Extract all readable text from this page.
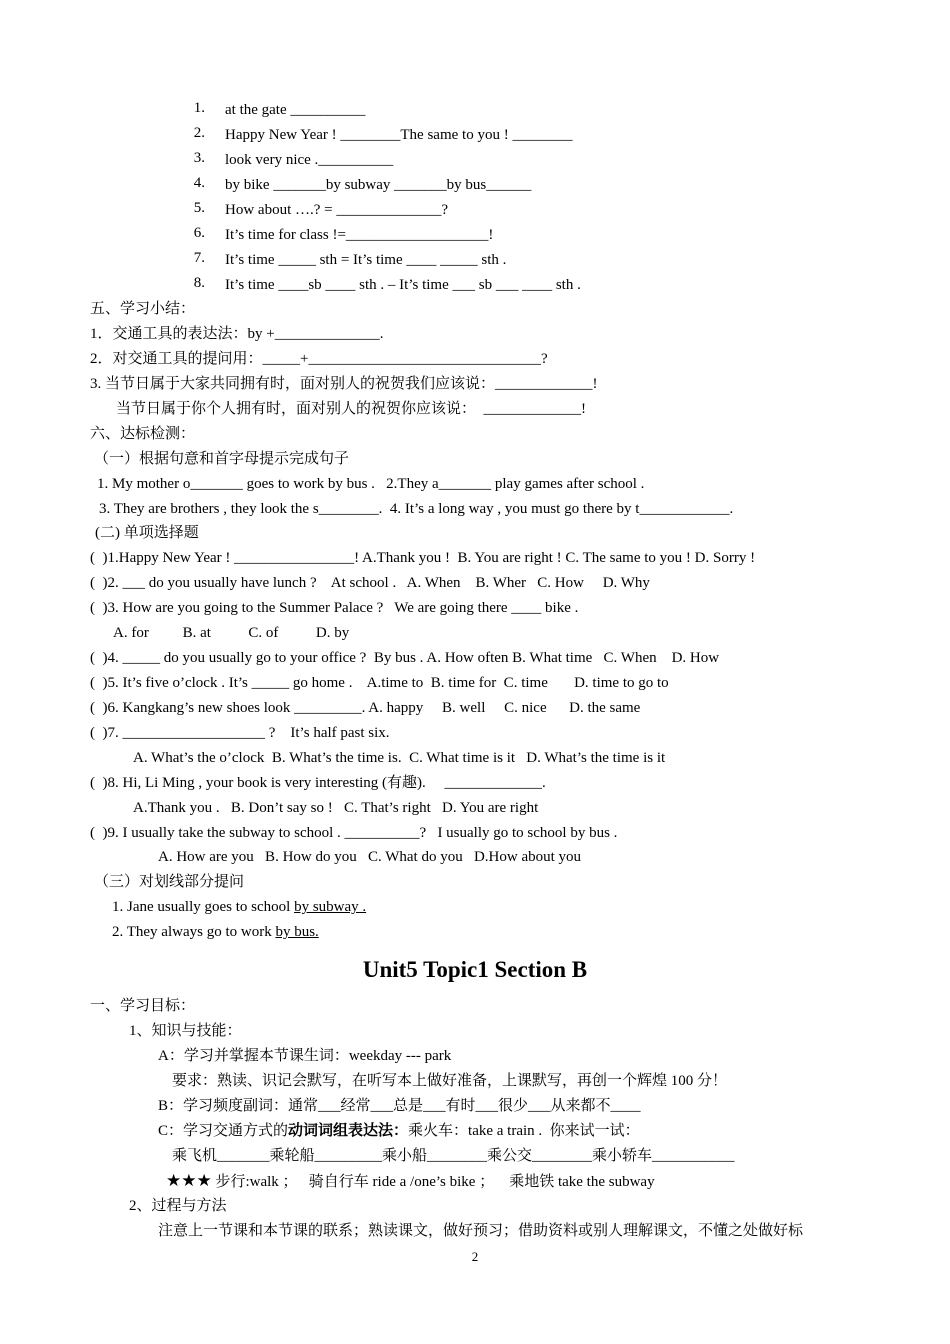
1. at the gate __________
2. Happy New Year ! ________The same to you ! ________
3. look very nice .__________
4. by bike _______by subway _______by bus______
5. How about ….? = ______________?
6. It’s time for class !=___________________!
7. It’s time _____ sth = It’s time ____ _____ sth .
8. It’s time ____sb ____ sth . – It’s time ___ sb ___ ____ sth .
五、学习小结：
1．交通工具的表达法：by +______________.
2．对交通工具的提问用：_____+_______________________________?
3. 当节日属于大家共同拥有时，面对别人的祝贺我们应该说：_____________!
当节日属于你个人拥有时，面对别人的祝贺你应该说：  _____________!
六、达标检测：
（一）根据句意和首字母提示完成句子
1. My mother o_______ goes to work by bus .   2.They a_______ play games after school .
3. They are brothers , they look the s________.  4. It’s a long way , you must go there by t____________.
(二) 单项选择题
(  )1.Happy New Year ! ________________! A.Thank you !  B. You are right ! C. The same to you ! D. Sorry !
(  )2. ___ do you usually have lunch ?    At school .   A. When    B. Wher   C. How     D. Why
(  )3. How are you going to the Summer Palace ?   We are going there ____ bike .
A. for         B. at          C. of          D. by
(  )4. _____ do you usually go to your office ?  By bus . A. How often B. What time   C. When    D. How
(  )5. It’s five o’clock . It’s _____ go home .    A.time to  B. time for  C. time       D. time to go to
(  )6. Kangkang’s new shoes look _________. A. happy     B. well     C. nice      D. the same
(  )7. ___________________ ?    It’s half past six.
A. What’s the o’clock  B. What’s the time is.  C. What time is it   D. What’s the time is it
(  )8. Hi, Li Ming , your book is very interesting (有趣).     _____________.
A.Thank you .   B. Don’t say so !   C. That’s right   D. You are right
(  )9. I usually take the subway to school . __________?   I usually go to school by bus .
A. How are you   B. How do you   C. What do you   D.How about you
（三）对划线部分提问
1. Jane usually goes to school by subway .
2. They always go to work by bus.
Unit5 Topic1 Section B
一、学习目标：
1、知识与技能：
A：学习并掌握本节课生词：weekday --- park
要求：熟读、识记会默写，在听写本上做好准备，上课默写，再创一个辉煌 100 分！
B：学习频度副词：通常___经常___总是___有时___很少___从来都不____
C：学习交通方式的动词词组表达法：乘火车：take a train .  你来试一试：
乘飞机_______乘轮船_________乘小船________乘公交________乘小轿车___________
★★★ 步行:walk ；   骑自行车 ride a /one’s bike ；    乘地铁 take the subway
2、过程与方法
注意上一节课和本节课的联系；熟读课文，做好预习；借助资料或别人理解课文，不懂之处做好标
2
